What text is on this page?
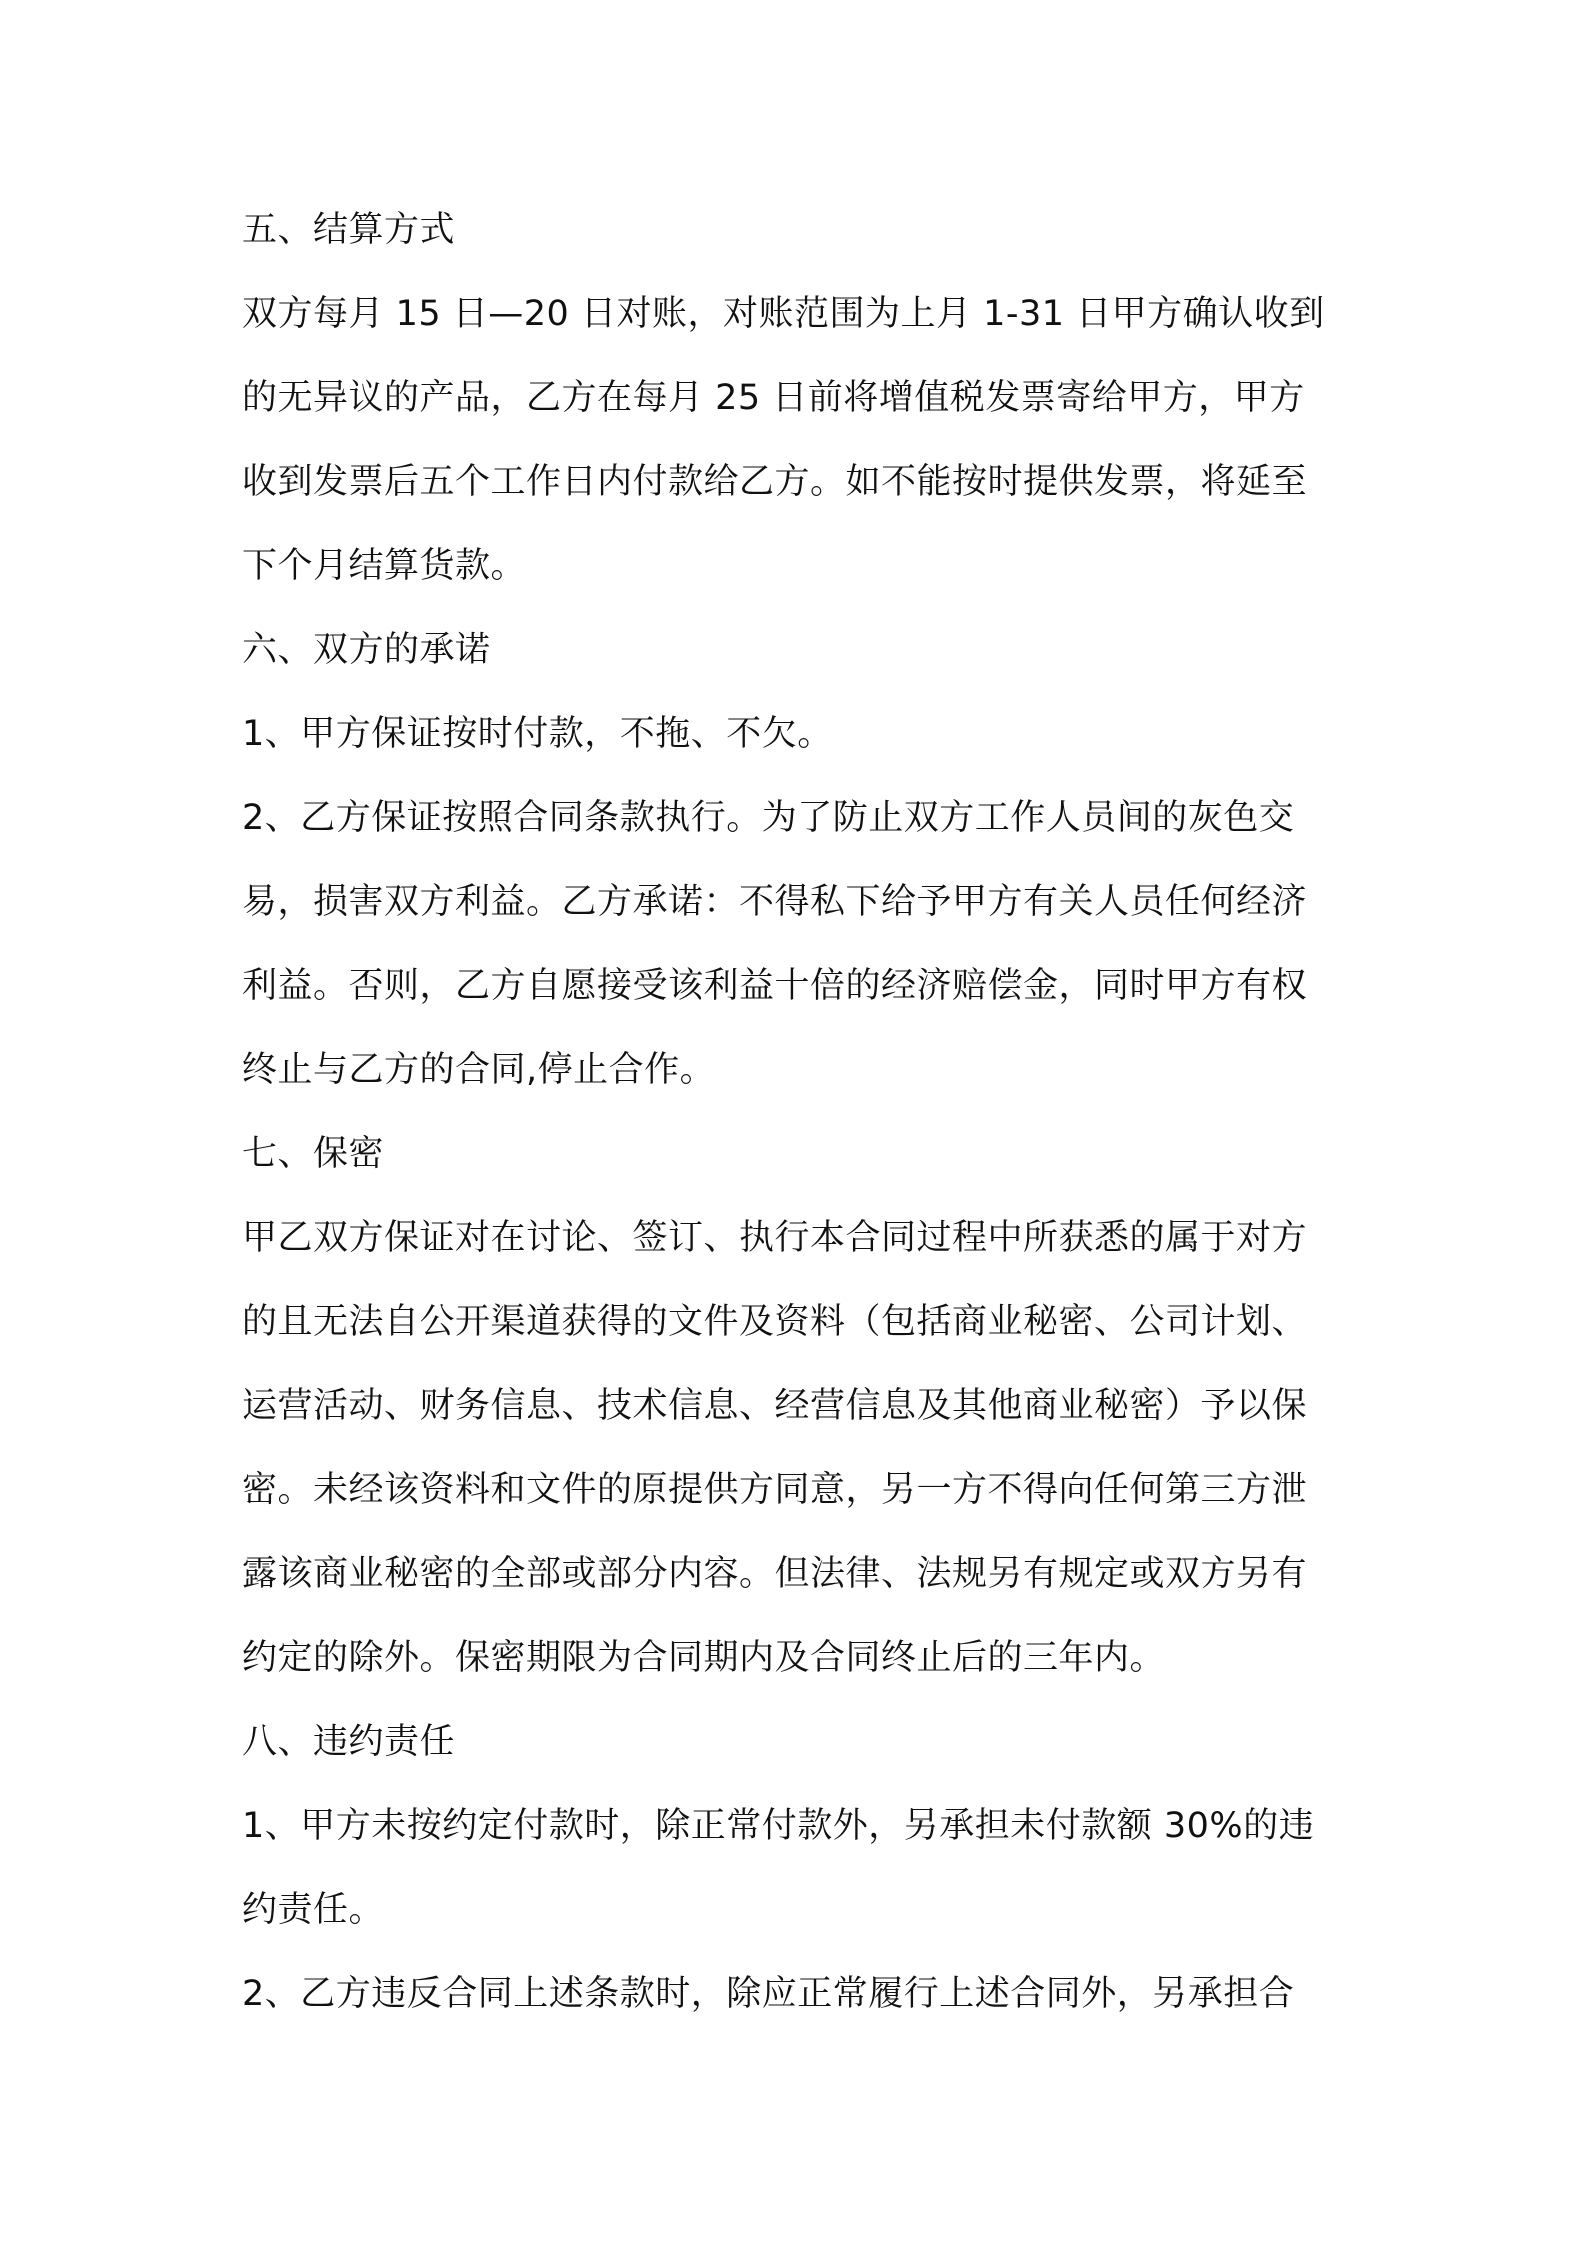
五、结算方式
双方每月 15 日—20 日对账，对账范围为上月 1-31 日甲方确认收到
的无异议的产品，乙方在每月 25 日前将增值税发票寄给甲方，甲方
收到发票后五个工作日内付款给乙方。如不能按时提供发票，将延至
下个月结算货款。
六、双方的承诺
1、甲方保证按时付款，不拖、不欠。
2、乙方保证按照合同条款执行。为了防止双方工作人员间的灰色交
易，损害双方利益。乙方承诺：不得私下给予甲方有关人员任何经济
利益。否则，乙方自愿接受该利益十倍的经济赔偿金，同时甲方有权
终止与乙方的合同,停止合作。
七、保密
甲乙双方保证对在讨论、签订、执行本合同过程中所获悉的属于对方
的且无法自公开渠道获得的文件及资料（包括商业秘密、公司计划、
运营活动、财务信息、技术信息、经营信息及其他商业秘密）予以保
密。未经该资料和文件的原提供方同意，另一方不得向任何第三方泄
露该商业秘密的全部或部分内容。但法律、法规另有规定或双方另有
约定的除外。保密期限为合同期内及合同终止后的三年内。
八、违约责任
1、甲方未按约定付款时，除正常付款外，另承担未付款额 30%的违
约责任。
2、乙方违反合同上述条款时，除应正常履行上述合同外，另承担合
